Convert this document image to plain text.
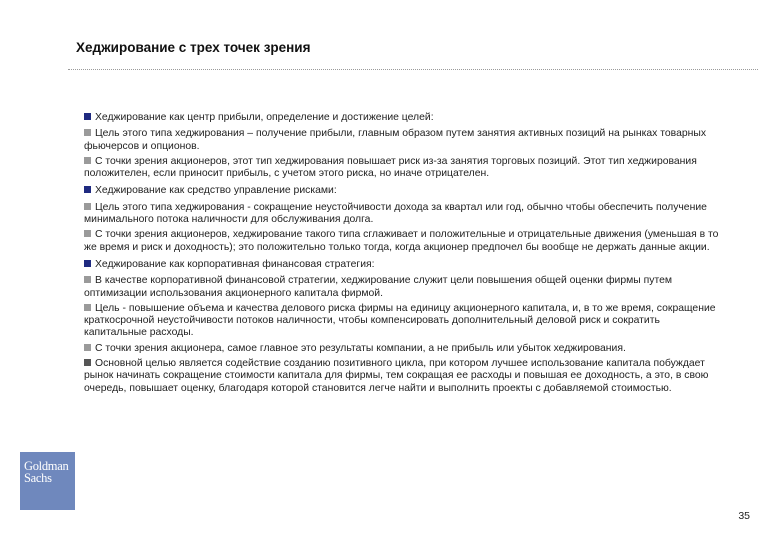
Хеджирование с трех точек зрения

Хеджирование как центр прибыли, определение и достижение целей:

Цель этого типа хеджирования – получение прибыли, главным образом путем занятия активных позиций на рынках товарных фьючерсов и опционов.

С точки зрения акционеров, этот тип хеджирования повышает риск из-за занятия торговых позиций. Этот тип хеджирования положителен, если приносит прибыль, с учетом этого риска, но иначе отрицателен.

Хеджирование как средство управление рисками:

Цель этого типа хеджирования - сокращение неустойчивости дохода за квартал или год, обычно чтобы обеспечить получение минимального потока наличности для обслуживания долга.

С точки зрения акционеров, хеджирование такого типа сглаживает и положительные и отрицательные движения (уменьшая в то же время и риск и доходность); это положительно только тогда, когда акционер предпочел бы вообще не держать данные акции.

Хеджирование как корпоративная финансовая стратегия:

В качестве корпоративной финансовой стратегии, хеджирование служит цели повышения общей оценки фирмы путем оптимизации использования акционерного капитала фирмой.

Цель - повышение объема и качества делового риска фирмы на единицу акционерного капитала, и, в то же время, сокращение краткосрочной неустойчивости потоков наличности, чтобы компенсировать дополнительный деловой риск и сократить капитальные расходы.

С точки зрения акционера, самое главное это результаты компании, а не прибыль или убыток хеджирования.

Основной целью является содействие созданию позитивного цикла, при котором лучшее использование капитала побуждает рынок начинать сокращение стоимости капитала для фирмы, тем сокращая ее расходы и повышая ее доходность, а это, в свою очередь, повышает оценку, благодаря которой становится легче найти и выполнить проекты с добавляемой стоимостью.

Goldman
Sachs
35
